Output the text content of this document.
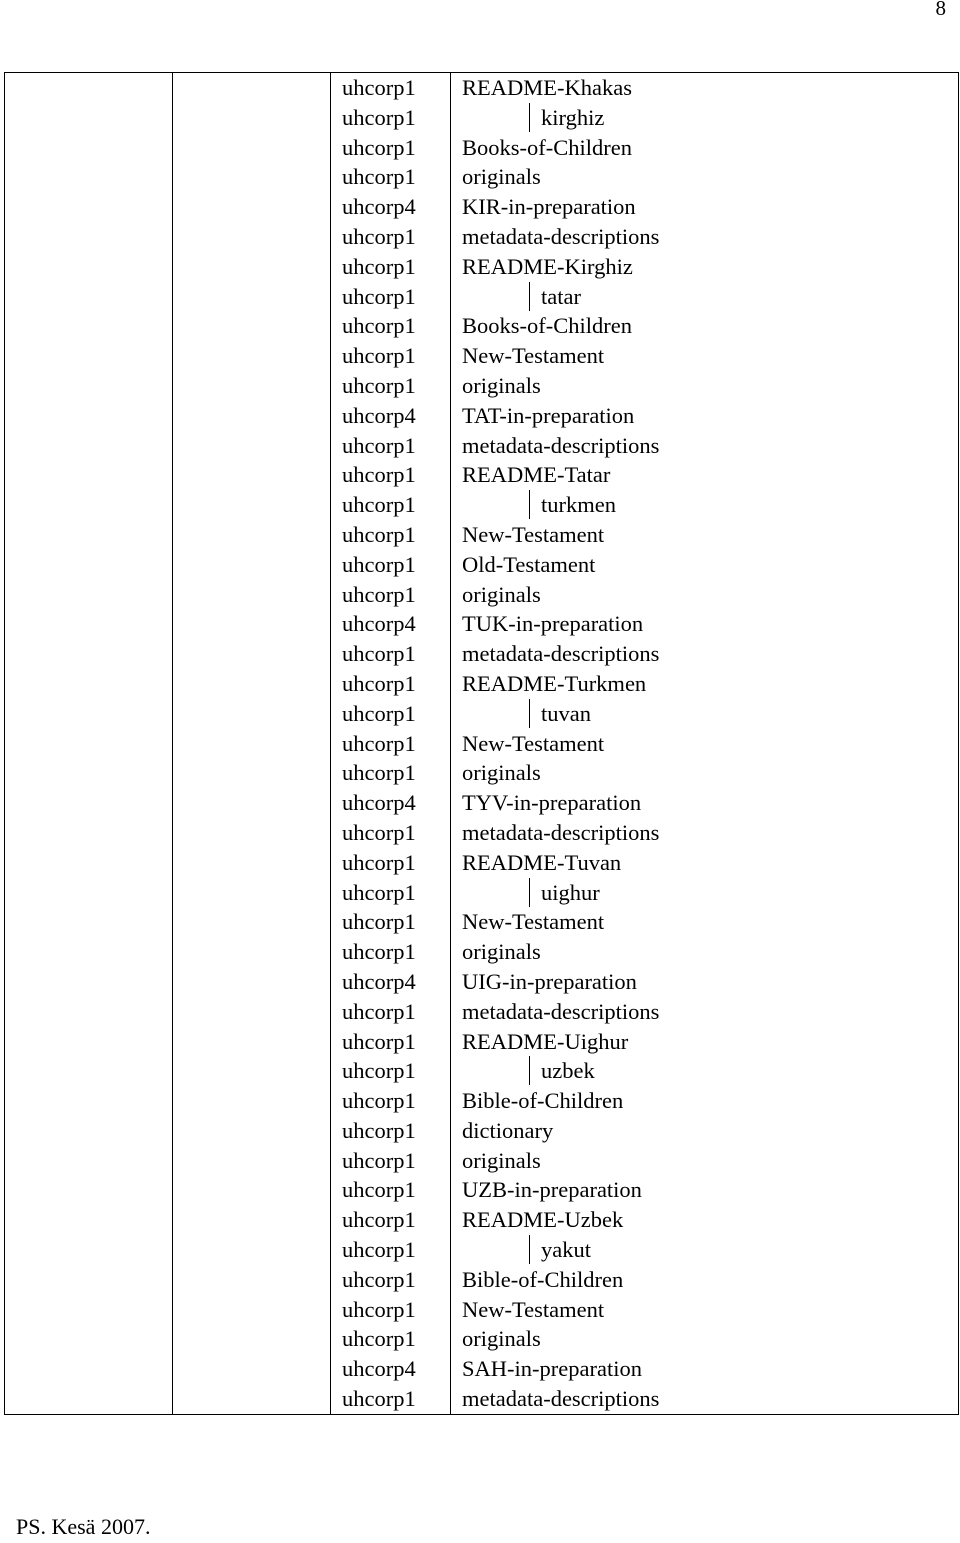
8
		uhcorp1	README-Khakas
		uhcorp1	kirghiz
		uhcorp1	Books-of-Children
		uhcorp1	originals
		uhcorp4	KIR-in-preparation
		uhcorp1	metadata-descriptions
		uhcorp1	README-Kirghiz
		uhcorp1	tatar
		uhcorp1	Books-of-Children
		uhcorp1	New-Testament
		uhcorp1	originals
		uhcorp4	TAT-in-preparation
		uhcorp1	metadata-descriptions
		uhcorp1	README-Tatar
		uhcorp1	turkmen
		uhcorp1	New-Testament
		uhcorp1	Old-Testament
		uhcorp1	originals
		uhcorp4	TUK-in-preparation
		uhcorp1	metadata-descriptions
		uhcorp1	README-Turkmen
		uhcorp1	tuvan
		uhcorp1	New-Testament
		uhcorp1	originals
		uhcorp4	TYV-in-preparation
		uhcorp1	metadata-descriptions
		uhcorp1	README-Tuvan
		uhcorp1	uighur
		uhcorp1	New-Testament
		uhcorp1	originals
		uhcorp4	UIG-in-preparation
		uhcorp1	metadata-descriptions
		uhcorp1	README-Uighur
		uhcorp1	uzbek
		uhcorp1	Bible-of-Children
		uhcorp1	dictionary
		uhcorp1	originals
		uhcorp1	UZB-in-preparation
		uhcorp1	README-Uzbek
		uhcorp1	yakut
		uhcorp1	Bible-of-Children
		uhcorp1	New-Testament
		uhcorp1	originals
		uhcorp4	SAH-in-preparation
		uhcorp1	metadata-descriptions
PS. Kesä 2007.
